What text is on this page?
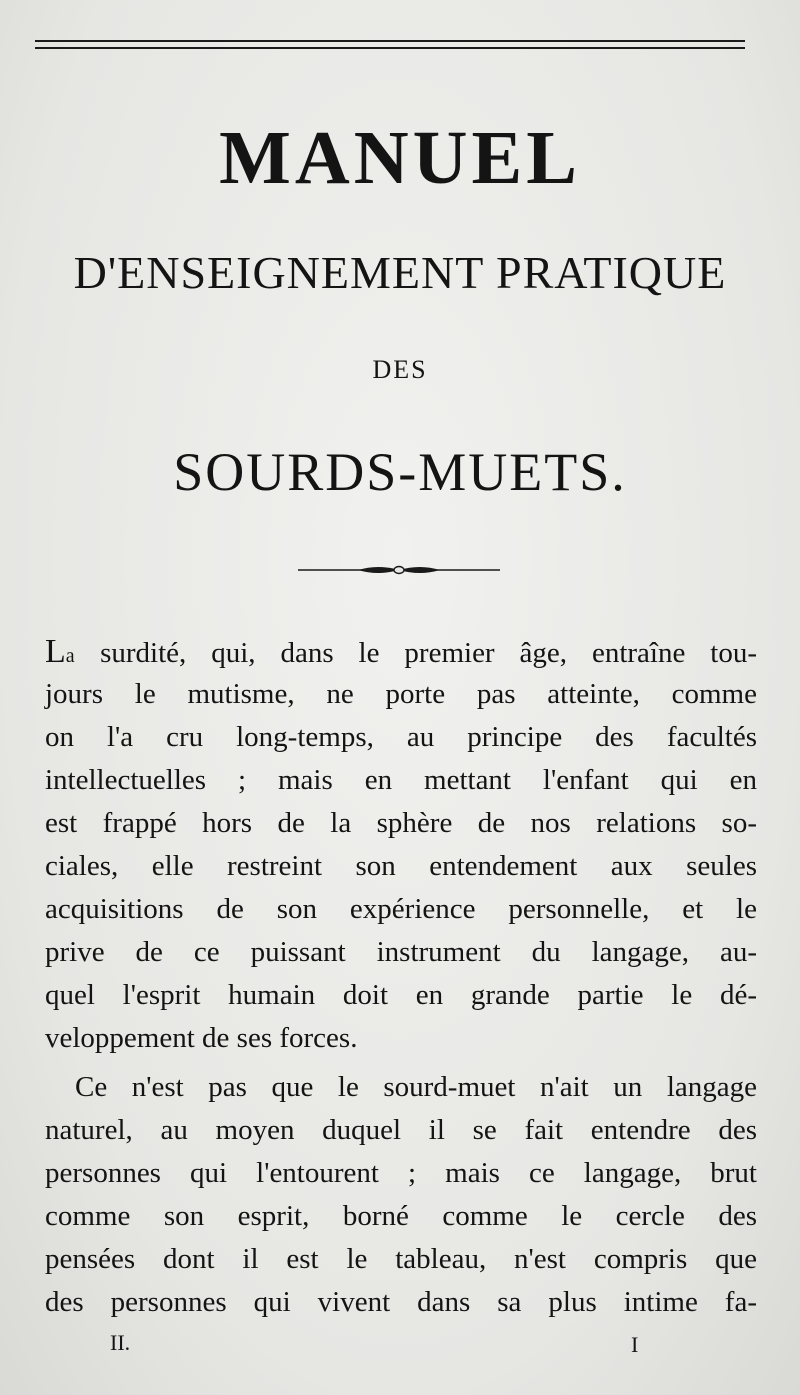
MANUEL
D'ENSEIGNEMENT PRATIQUE
DES
SOURDS-MUETS.
La surdité, qui, dans le premier âge, entraîne tou-
jours le mutisme, ne porte pas atteinte, comme
on l'a cru long-temps, au principe des facultés
intellectuelles ; mais en mettant l'enfant qui en
est frappé hors de la sphère de nos relations so-
ciales, elle restreint son entendement aux seules
acquisitions de son expérience personnelle, et le
prive de ce puissant instrument du langage, au-
quel l'esprit humain doit en grande partie le dé-
veloppement de ses forces.
Ce n'est pas que le sourd-muet n'ait un langage
naturel, au moyen duquel il se fait entendre des
personnes qui l'entourent ; mais ce langage, brut
comme son esprit, borné comme le cercle des
pensées dont il est le tableau, n'est compris que
des personnes qui vivent dans sa plus intime fa-
II.	I
